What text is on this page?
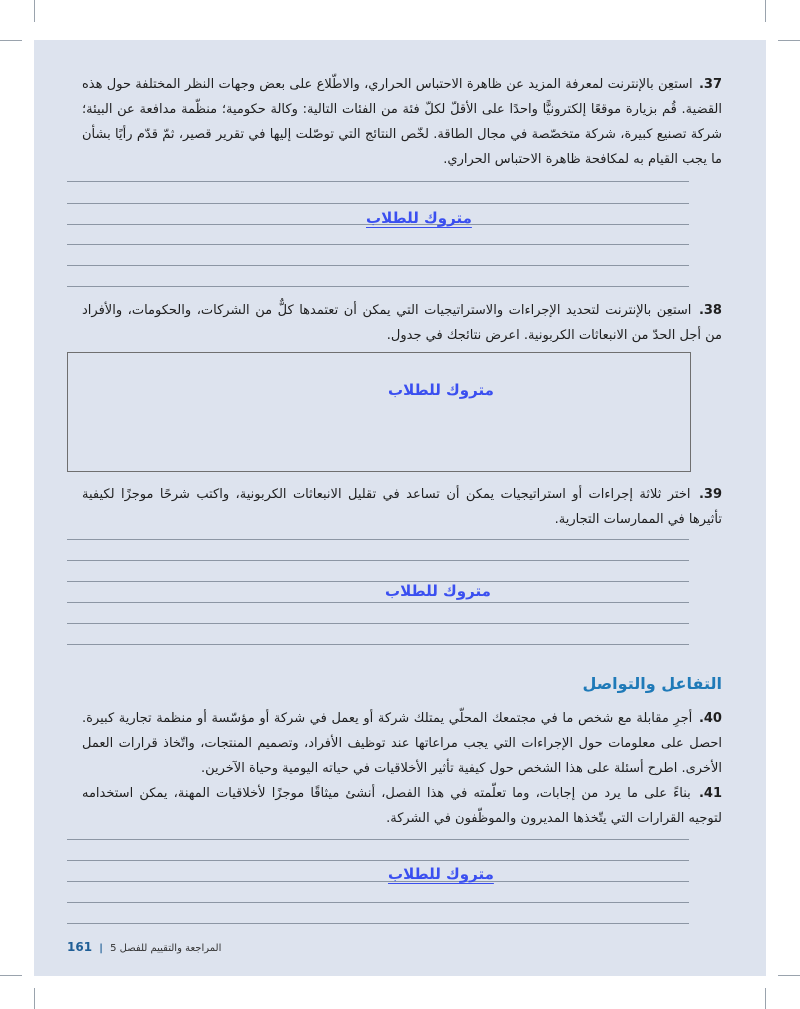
37. استعِن بالإنترنت لمعرفة المزيد عن ظاهرة الاحتباس الحراري، والاطّلاع على بعض وجهات النظر المختلفة حول هذه القضية. قُم بزيارة موقعًا إلكترونيًّا واحدًا على الأقلّ لكلّ فئة من الفئات التالية: وكالة حكومية؛ منظّمة مدافعة عن البيئة؛ شركة تصنيع كبيرة، شركة متخصّصة في مجال الطاقة. لخّص النتائج التي توصّلت إليها في تقرير قصير، ثمّ قدّم رأيًا بشأن ما يجب القيام به لمكافحة ظاهرة الاحتباس الحراري.
متروك للطلاب
38. استعِن بالإنترنت لتحديد الإجراءات والاستراتيجيات التي يمكن أن تعتمدها كلٌّ من الشركات، والحكومات، والأفراد من أجل الحدّ من الانبعاثات الكربونية. اعرض نتائجك في جدول.
متروك للطلاب
39. اختر ثلاثة إجراءات أو استراتيجيات يمكن أن تساعد في تقليل الانبعاثات الكربونية، واكتب شرحًا موجزًا لكيفية تأثيرها في الممارسات التجارية.
متروك للطلاب
التفاعل والتواصل
40. أجرِ مقابلة مع شخص ما في مجتمعك المحلّي يمتلك شركة أو يعمل في شركة أو مؤسّسة أو منظمة تجارية كبيرة. احصل على معلومات حول الإجراءات التي يجب مراعاتها عند توظيف الأفراد، وتصميم المنتجات، واتّخاذ قرارات العمل الأخرى. اطرح أسئلة على هذا الشخص حول كيفية تأثير الأخلاقيات في حياته اليومية وحياة الآخرين.
41. بناءً على ما يرد من إجابات، وما تعلّمته في هذا الفصل، أنشئ ميثاقًا موجزًا لأخلاقيات المهنة، يمكن استخدامه لتوجيه القرارات التي يتّخذها المديرون والموظّفون في الشركة.
متروك للطلاب
المراجعة والتقييم للفصل 5 | 161
